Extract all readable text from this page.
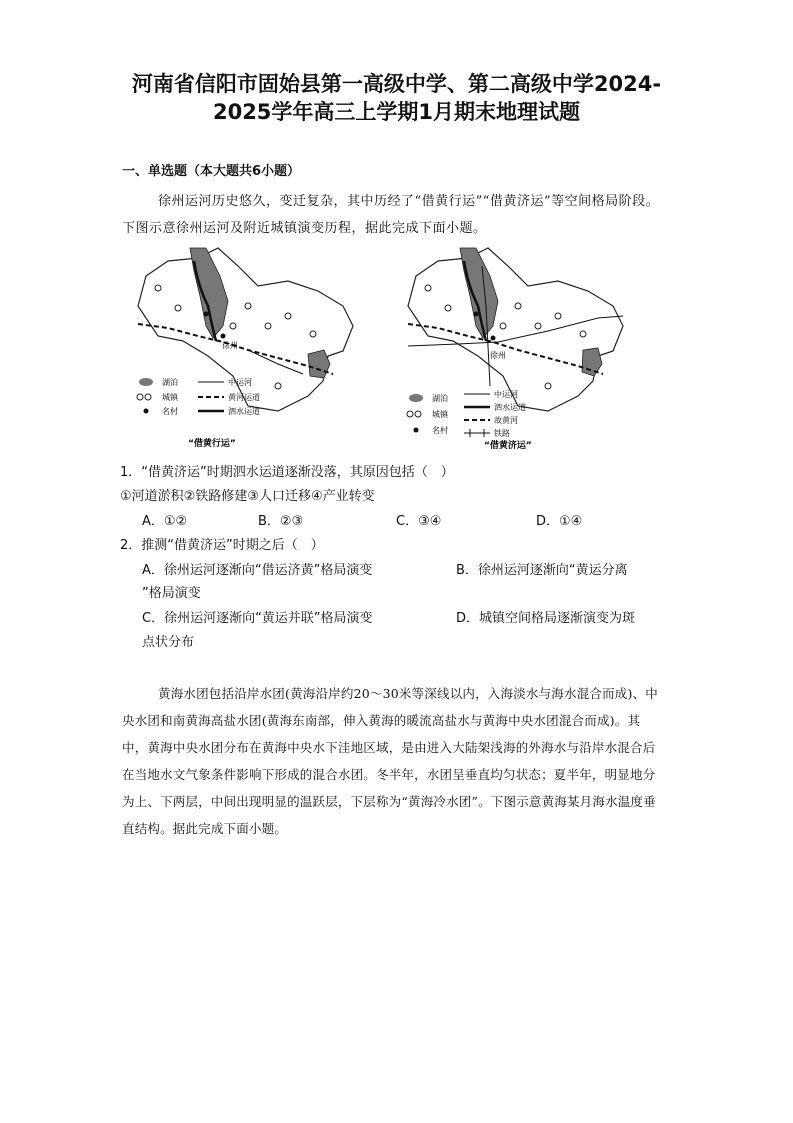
河南省信阳市固始县第一高级中学、第二高级中学2024-
2025学年高三上学期1月期末地理试题
一、单选题（本大题共6小题）
徐州运河历史悠久，变迁复杂，其中历经了“借黄行运”“借黄济运”等空间格局阶段。下图示意徐州运河及附近城镇演变历程，据此完成下面小题。
徐州
湖泊
城镇
名村
中运河
黄河运道
泗水运道
“借黄行运”
徐州
湖泊
城镇
名村
中运河
泗水运道
故黄河
铁路
“借黄济运”
1．“借黄济运”时期泗水运道逐渐没落，其原因包括（　）
①河道淤积②铁路修建③人口迁移④产业转变
A．①②	B．②③	C．③④	D．①④
2．推测“借黄济运”时期之后（　）
A．徐州运河逐渐向“借运济黄”格局演变	B．徐州运河逐渐向“黄运分离
”格局演变
C．徐州运河逐渐向“黄运并联”格局演变	D．城镇空间格局逐渐演变为斑
点状分布
黄海水团包括沿岸水团(黄海沿岸约20～30米等深线以内，入海淡水与海水混合而成)、中央水团和南黄海高盐水团(黄海东南部，伸入黄海的暖流高盐水与黄海中央水团混合而成)。其中，黄海中央水团分布在黄海中央水下洼地区域，是由进入大陆架浅海的外海水与沿岸水混合后在当地水文气象条件影响下形成的混合水团。冬半年，水团呈垂直均匀状态；夏半年，明显地分为上、下两层，中间出现明显的温跃层，下层称为“黄海冷水团”。下图示意黄海某月海水温度垂直结构。据此完成下面小题。
